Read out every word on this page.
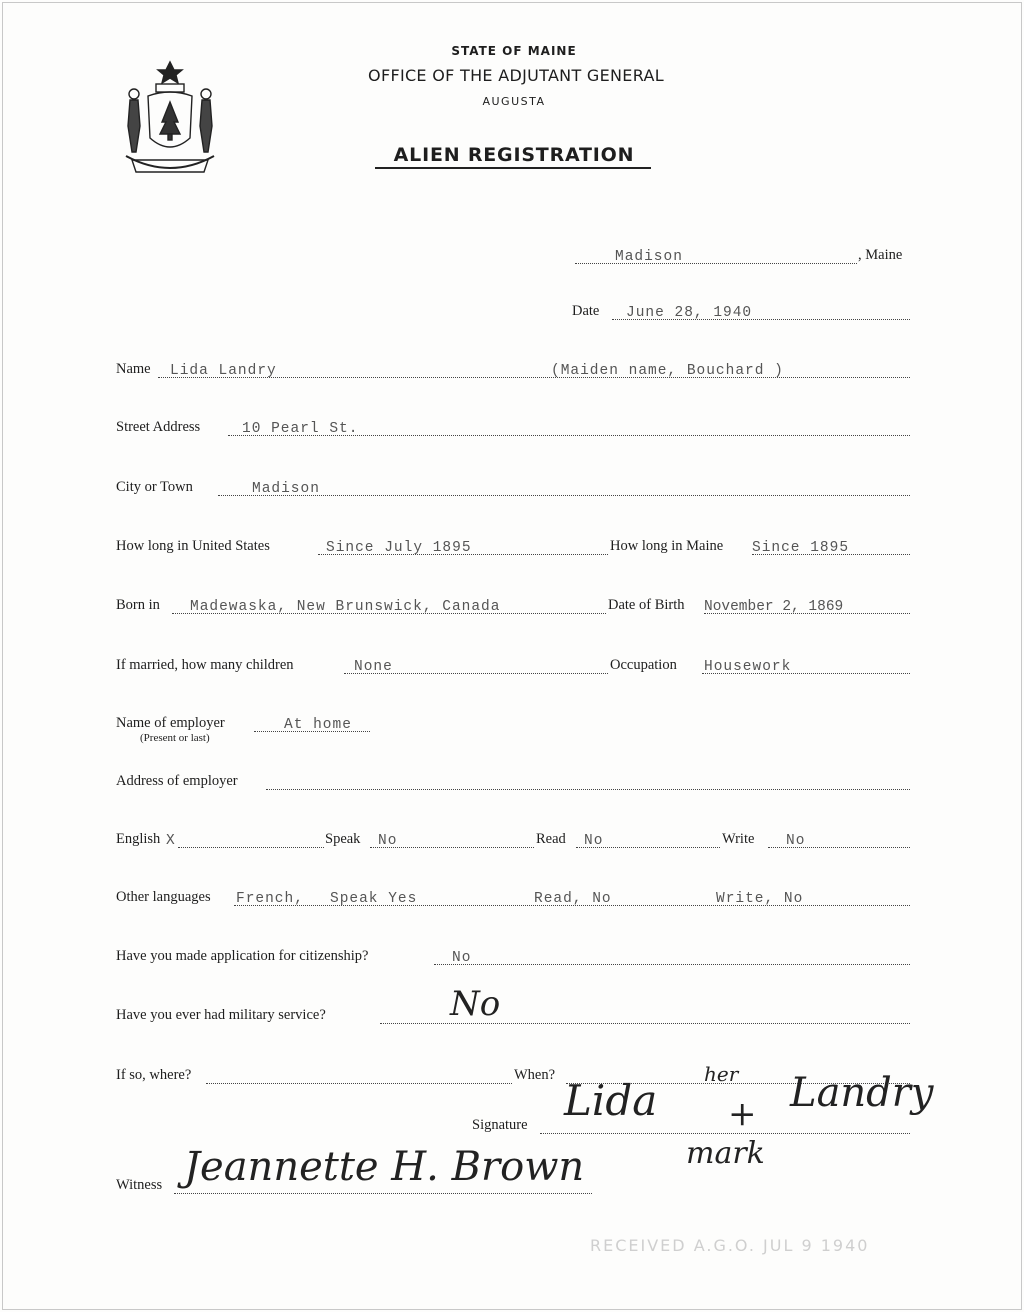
STATE OF MAINE
OFFICE OF THE ADJUTANT GENERAL
AUGUSTA
ALIEN REGISTRATION
Madison	, Maine
Date June 28, 1940
Name Lida Landry	(Maiden name, Bouchard )
Street Address	10 Pearl St.
City or Town	Madison
How long in United States	Since July 1895	How long in Maine Since 1895
Born in Madewaska, New Brunswick, Canada	Date of Birth November 2, 1869
If married, how many children	None	Occupation Housework
Name of employer	At home
(Present or last)
Address of employer
English X	Speak No	Read No	Write No
Other languages French, Speak Yes	Read, No	Write, No
Have you made application for citizenship?	No
Have you ever had military service?	No
If so, where?	When?
Signature Lida
her
+ Landry
mark
Witness Jeannette H. Brown
RECEIVED A.G.O. JUL 9 1940
